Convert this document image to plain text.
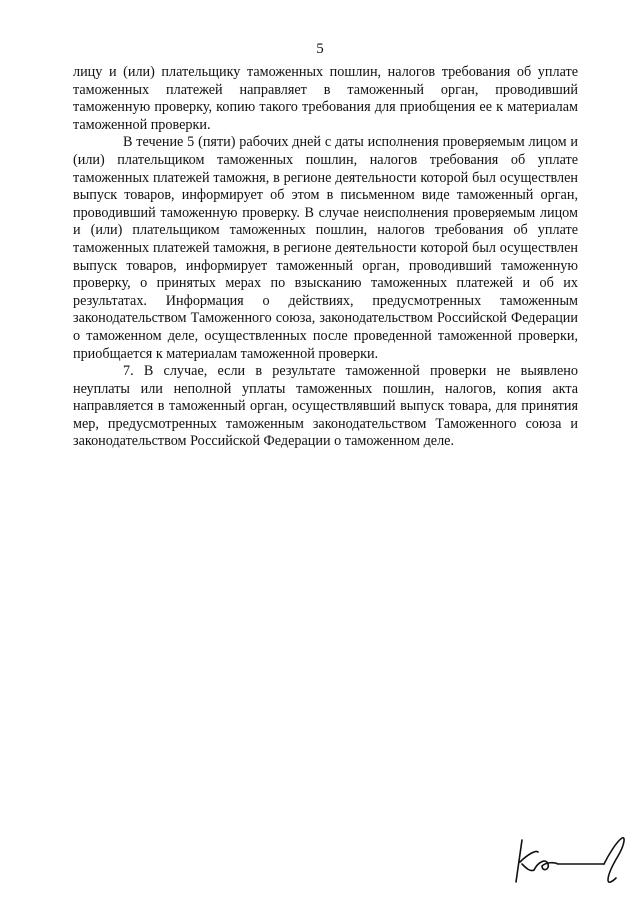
5

лицу и (или) плательщику таможенных пошлин, налогов требования об уплате таможенных платежей направляет в таможенный орган, проводивший таможенную проверку, копию такого требования для приобщения ее к материалам таможенной проверки.

В течение 5 (пяти) рабочих дней с даты исполнения проверяемым лицом и (или) плательщиком таможенных пошлин, налогов требования об уплате таможенных платежей таможня, в регионе деятельности которой был осуществлен выпуск товаров, информирует об этом в письменном виде таможенный орган, проводивший таможенную проверку. В случае неисполнения проверяемым лицом и (или) плательщиком таможенных пошлин, налогов требования об уплате таможенных платежей таможня, в регионе деятельности которой был осуществлен выпуск товаров, информирует таможенный орган, проводивший таможенную проверку, о принятых мерах по взысканию таможенных платежей и об их результатах. Информация о действиях, предусмотренных таможенным законодательством Таможенного союза, законодательством Российской Федерации о таможенном деле, осуществленных после проведенной таможенной проверки, приобщается к материалам таможенной проверки.

7. В случае, если в результате таможенной проверки не выявлено неуплаты или неполной уплаты таможенных пошлин, налогов, копия акта направляется в таможенный орган, осуществлявший выпуск товара, для принятия мер, предусмотренных таможенным законодательством Таможенного союза и законодательством Российской Федерации о таможенном деле.
